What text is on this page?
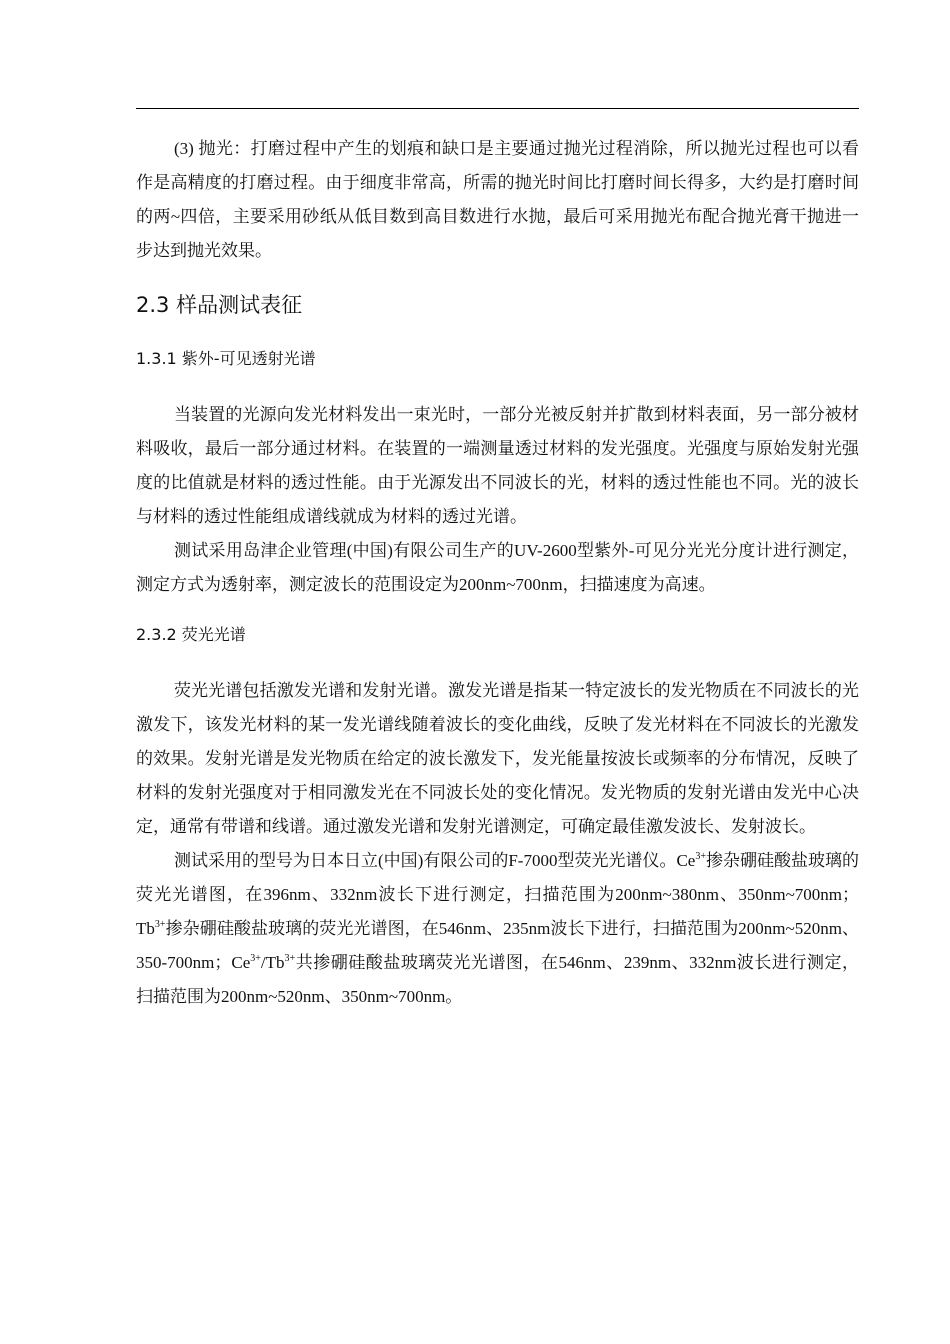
(3) 抛光：打磨过程中产生的划痕和缺口是主要通过抛光过程消除，所以抛光过程也可以看作是高精度的打磨过程。由于细度非常高，所需的抛光时间比打磨时间长得多，大约是打磨时间的两~四倍，主要采用砂纸从低目数到高目数进行水抛，最后可采用抛光布配合抛光膏干抛进一步达到抛光效果。

2.3 样品测试表征
1.3.1 紫外-可见透射光谱

当装置的光源向发光材料发出一束光时，一部分光被反射并扩散到材料表面，另一部分被材料吸收，最后一部分通过材料。在装置的一端测量透过材料的发光强度。光强度与原始发射光强度的比值就是材料的透过性能。由于光源发出不同波长的光，材料的透过性能也不同。光的波长与材料的透过性能组成谱线就成为材料的透过光谱。

测试采用岛津企业管理(中国)有限公司生产的UV-2600型紫外-可见分光光分度计进行测定，测定方式为透射率，测定波长的范围设定为200nm~700nm，扫描速度为高速。

2.3.2 荧光光谱

荧光光谱包括激发光谱和发射光谱。激发光谱是指某一特定波长的发光物质在不同波长的光激发下，该发光材料的某一发光谱线随着波长的变化曲线，反映了发光材料在不同波长的光激发的效果。发射光谱是发光物质在给定的波长激发下，发光能量按波长或频率的分布情况，反映了材料的发射光强度对于相同激发光在不同波长处的变化情况。发光物质的发射光谱由发光中心决定，通常有带谱和线谱。通过激发光谱和发射光谱测定，可确定最佳激发波长、发射波长。

测试采用的型号为日本日立(中国)有限公司的F-7000型荧光光谱仪。$Ce^{3+}$掺杂硼硅酸盐玻璃的荧光光谱图，在396nm、332nm波长下进行测定，扫描范围为200nm~380nm、350nm~700nm；$Tb^{3+}$掺杂硼硅酸盐玻璃的荧光光谱图，在546nm、235nm波长下进行，扫描范围为200nm~520nm、350-700nm；$Ce^{3+}/Tb^{3+}$共掺硼硅酸盐玻璃荧光光谱图，在546nm、239nm、332nm波长进行测定，扫描范围为200nm~520nm、350nm~700nm。
